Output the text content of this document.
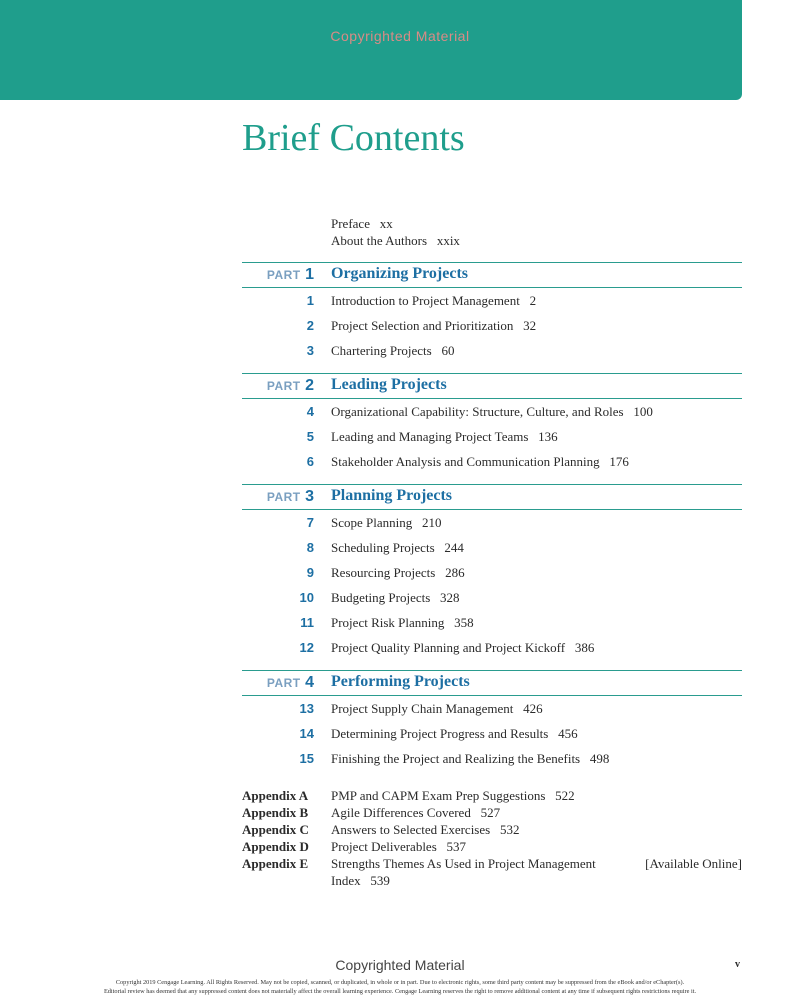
Copyrighted Material
Brief Contents
Preface xx
About the Authors xxix
PART 1 Organizing Projects
1 Introduction to Project Management 2
2 Project Selection and Prioritization 32
3 Chartering Projects 60
PART 2 Leading Projects
4 Organizational Capability: Structure, Culture, and Roles 100
5 Leading and Managing Project Teams 136
6 Stakeholder Analysis and Communication Planning 176
PART 3 Planning Projects
7 Scope Planning 210
8 Scheduling Projects 244
9 Resourcing Projects 286
10 Budgeting Projects 328
11 Project Risk Planning 358
12 Project Quality Planning and Project Kickoff 386
PART 4 Performing Projects
13 Project Supply Chain Management 426
14 Determining Project Progress and Results 456
15 Finishing the Project and Realizing the Benefits 498
Appendix A PMP and CAPM Exam Prep Suggestions 522
Appendix B Agile Differences Covered 527
Appendix C Answers to Selected Exercises 532
Appendix D Project Deliverables 537
Appendix E Strengths Themes As Used in Project Management	[Available Online]
Index 539
Copyrighted Material	v
Copyright 2019 Cengage Learning. All Rights Reserved. May not be copied, scanned, or duplicated, in whole or in part. Due to electronic rights, some third party content may be suppressed from the eBook and/or eChapter(s).
Editorial review has deemed that any suppressed content does not materially affect the overall learning experience. Cengage Learning reserves the right to remove additional content at any time if subsequent rights restrictions require it.
